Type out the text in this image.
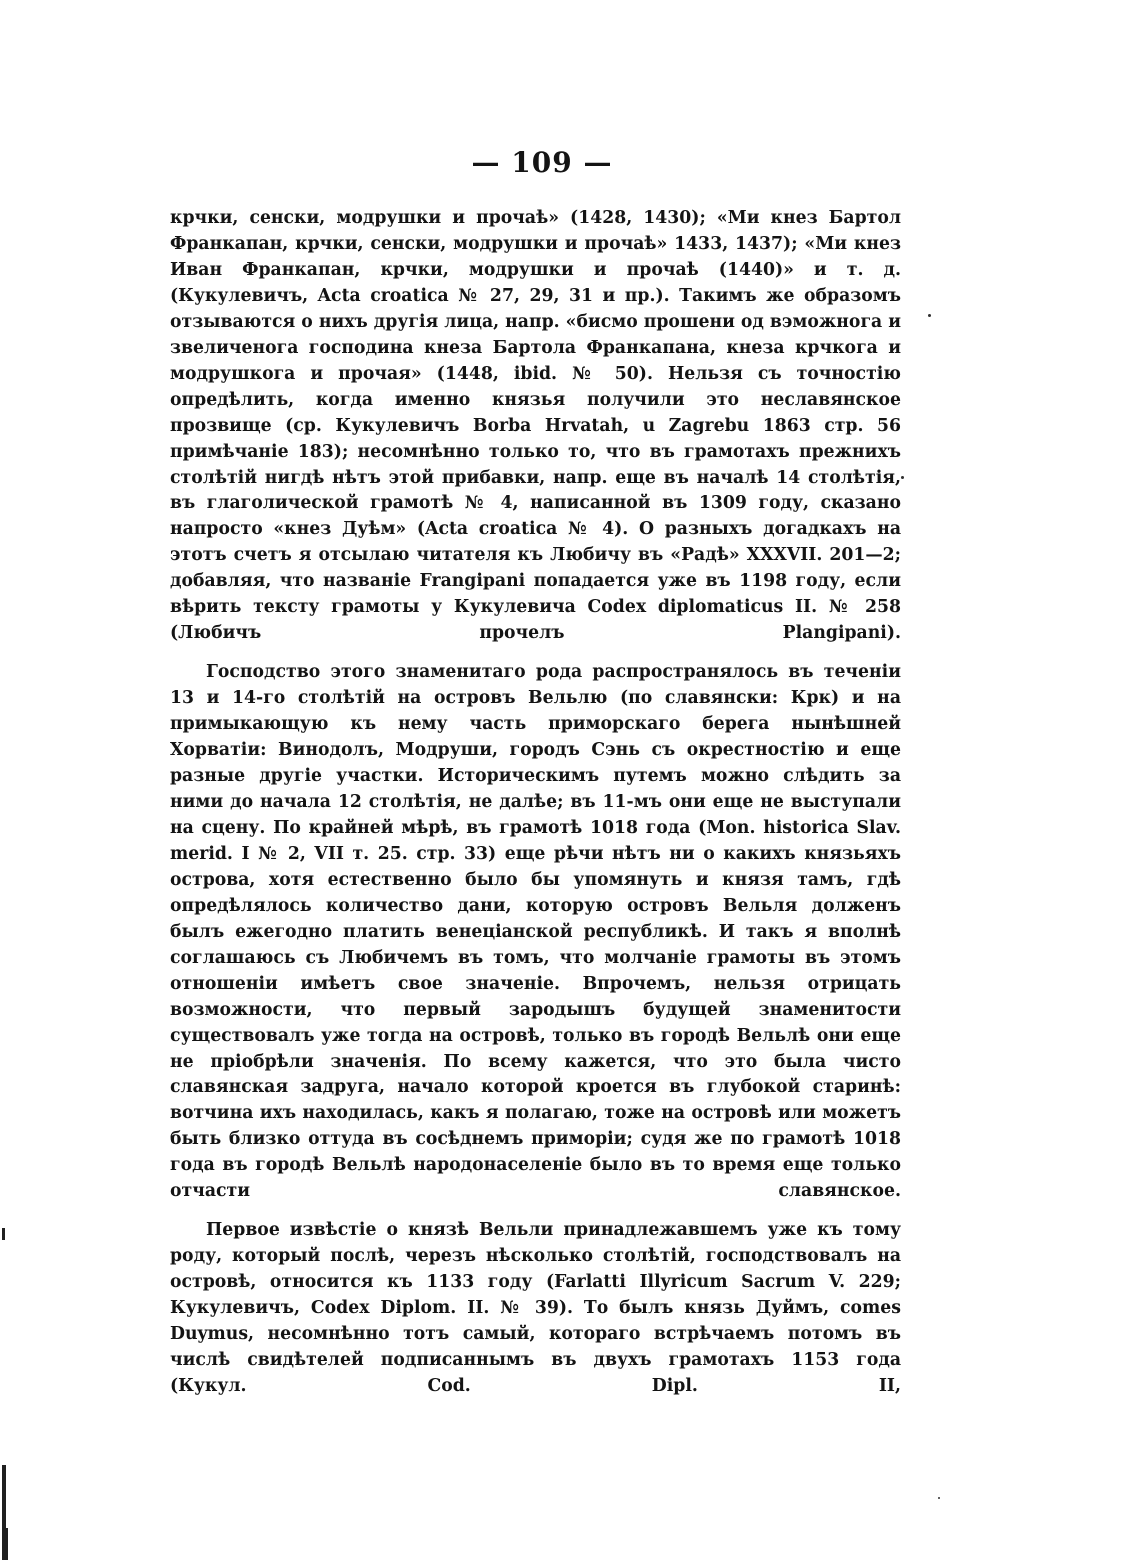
— 109 —

крчки, сенски, модрушки и прочаѣ» (1428, 1430); «Ми кнез Бартол Франкапан, крчки, сенски, модрушки и прочаѣ» 1433, 1437); «Ми кнез Иван Франкапан, крчки, модрушки и прочаѣ (1440)» и т. д. (Кукулевичъ, Acta croatica № 27, 29, 31 и пр.). Такимъ же образомъ отзываются о нихъ другія лица, напр. «бисмо прошени од вэможнога и звеличенога господина кнеза Бартола Франкапана, кнеза крчкога и модрушкога и прочая» (1448, ibid. № 50). Нельзя съ точностію опредѣлить, когда именно князья получили это неславянское прозвище (ср. Кукулевичъ Borba Hrvatah, u Zagrebu 1863 стр. 56 примѣчаніе 183); несомнѣнно только то, что въ грамотахъ прежнихъ столѣтій нигдѣ нѣтъ этой прибавки, напр. еще въ началѣ 14 столѣтія, въ глаголической грамотѣ № 4, написанной въ 1309 году, сказано напросто «кнез Дуѣм» (Acta croatica № 4). О разныхъ догадкахъ на этотъ счетъ я отсылаю читателя къ Любичу въ «Радѣ» XXXVII. 201—2; добавляя, что названіе Frangipani попадается уже въ 1198 году, если вѣрить тексту грамоты у Кукулевича Codex diplomaticus II. № 258 (Любичъ прочелъ Plangipani).

Господство этого знаменитаго рода распространялось въ теченіи 13 и 14-го столѣтій на островъ Вельлю (по славянски: Крк) и на примыкающую къ нему часть приморскаго берега нынѣшней Хорватіи: Винодолъ, Модруши, городъ Сэнь съ окрестностію и еще разные другіе участки. Историческимъ путемъ можно слѣдить за ними до начала 12 столѣтія, не далѣе; въ 11-мъ они еще не выступали на сцену. По крайней мѣрѣ, въ грамотѣ 1018 года (Mon. historica Slav. merid. I № 2, VII т. 25. стр. 33) еще рѣчи нѣтъ ни о какихъ князьяхъ острова, хотя естественно было бы упомянуть и князя тамъ, гдѣ опредѣлялось количество дани, которую островъ Вельля долженъ былъ ежегодно платить венеціанской республикѣ. И такъ я вполнѣ соглашаюсь съ Любичемъ въ томъ, что молчаніе грамоты въ этомъ отношеніи имѣетъ свое значеніе. Впрочемъ, нельзя отрицать возможности, что первый зародышъ будущей знаменитости существовалъ уже тогда на островѣ, только въ городѣ Вельлѣ они еще не пріобрѣли значенія. По всему кажется, что это была чисто славянская задруга, начало которой кроется въ глубокой старинѣ: вотчина ихъ находилась, какъ я полагаю, тоже на островѣ или можетъ быть близко оттуда въ сосѣднемъ приморіи; судя же по грамотѣ 1018 года въ городѣ Вельлѣ народонаселеніе было въ то время еще только отчасти славянское.

Первое извѣстіе о князѣ Вельли принадлежавшемъ уже къ тому роду, который послѣ, черезъ нѣсколько столѣтій, господствовалъ на островѣ, относится къ 1133 году (Farlatti Illyricum Sacrum V. 229; Кукулевичъ, Codex Diplom. II. № 39). То былъ князь Дуймъ, comes Duymus, несомнѣнно тотъ самый, котораго встрѣчаемъ потомъ въ числѣ свидѣтелей подписаннымъ въ двухъ грамотахъ 1153 года (Кукул. Cod. Dipl. II,
